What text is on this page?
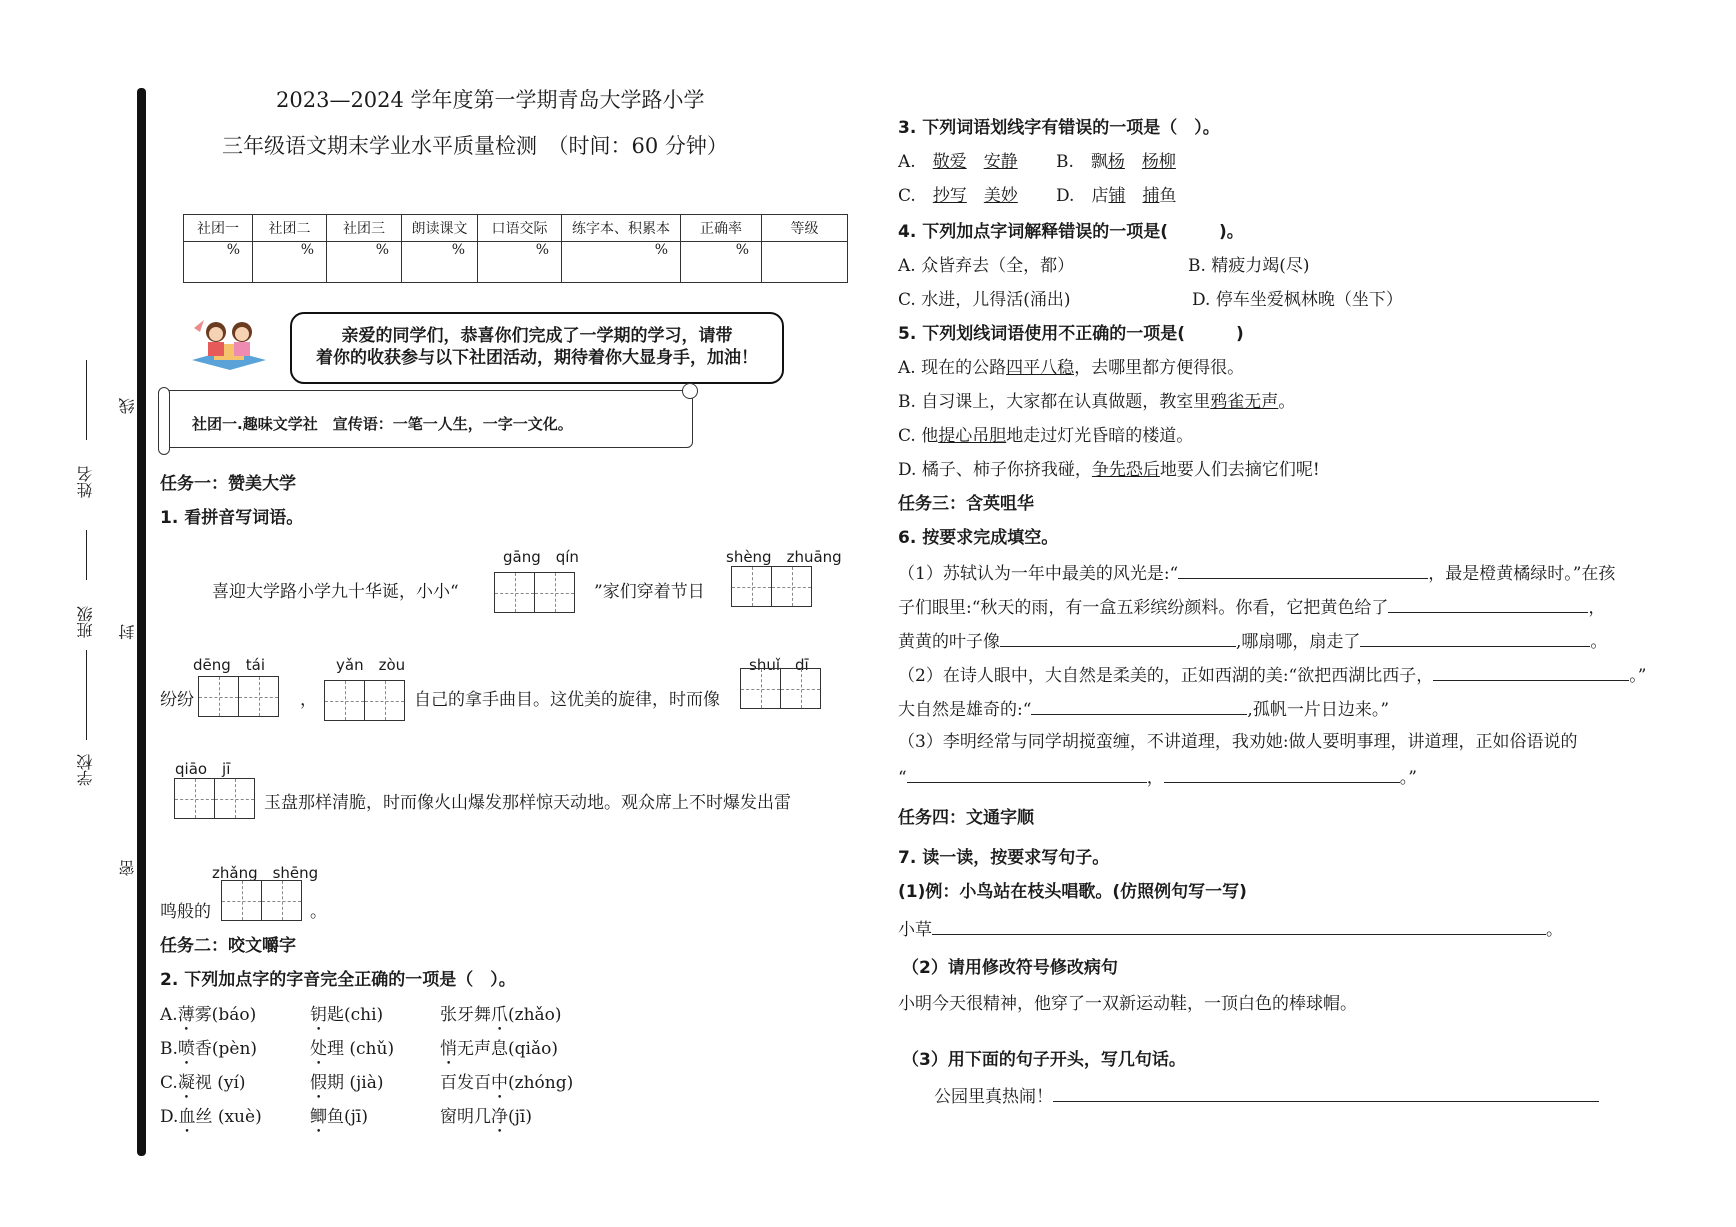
姓名
班级
学校
线
封
密
2023—2024 学年度第一学期青岛大学路小学
三年级语文期末学业水平质量检测　（时间：60 分钟）
社团一	社团二	社团三	朗读课文	口语交际	练字本、积累本	正确率	等级
%	%	%	%	%	%	%	
亲爱的同学们，恭喜你们完成了一学期的学习，请带
着你的收获参与以下社团活动，期待着你大显身手，加油！
社团一.趣味文学社　宣传语：一笔一人生，一字一文化。
任务一：赞美大学
1. 看拼音写词语。
gāng　qín	shèng　zhuāng
喜迎大学路小学九十华诞，小小“	”家们穿着节日
dēng　tái	yǎn　zòu	shuǐ　dī
纷纷	，	自己的拿手曲目。这优美的旋律，时而像
qiāo　jī
玉盘那样清脆，时而像火山爆发那样惊天动地。观众席上不时爆发出雷
zhǎng　shēng
鸣般的	。
任务二：咬文嚼字
2. 下列加点字的字音完全正确的一项是（　）。
A.薄雾(báo)	钥匙(chi)	张牙舞爪(zhǎo)
B.喷香(pèn)	处理 (chǔ)	悄无声息(qiǎo)
C.凝视 (yí)	假期 (jià)	百发百中(zhóng)
D.血丝 (xuè)	鲫鱼(jī)	窗明几净(jī)
3. 下列词语划线字有错误的一项是（　）。
A.　 敬爱　 安静 B.　 飘杨　 杨柳
C.　 抄写　 美妙 D.　 店铺　 捕鱼
4. 下列加点字词解释错误的一项是(　　　)。
A. 众皆弃去（全，都）	B. 精疲力竭(尽)
C. 水进，儿得活(涌出)	D. 停车坐爱枫林晚（坐下）
5. 下列划线词语使用不正确的一项是(　　　)
A. 现在的公路四平八稳，去哪里都方便得很。
B. 自习课上，大家都在认真做题，教室里鸦雀无声。
C. 他提心吊胆地走过灯光昏暗的楼道。
D. 橘子、柿子你挤我碰，争先恐后地要人们去摘它们呢!
任务三：含英咀华
6. 按要求完成填空。
（1）苏轼认为一年中最美的风光是:“	，最是橙黄橘绿时。”在孩
子们眼里:“秋天的雨，有一盒五彩缤纷颜料。你看，它把黄色给了	，
黄黄的叶子像	,哪扇哪，扇走了	。
（2）在诗人眼中，大自然是柔美的，正如西湖的美:“欲把西湖比西子，	。”
大自然是雄奇的:“	,孤帆一片日边来。”
（3）李明经常与同学胡搅蛮缠，不讲道理，我劝她:做人要明事理，讲道理，正如俗语说的
“	，	。”
任务四：文通字顺
7. 读一读，按要求写句子。
(1)例：小鸟站在枝头唱歌。(仿照例句写一写)
小草	。
（2）请用修改符号修改病句
小明今天很精神，他穿了一双新运动鞋，一顶白色的棒球帽。
（3）用下面的句子开头，写几句话。
公园里真热闹！
